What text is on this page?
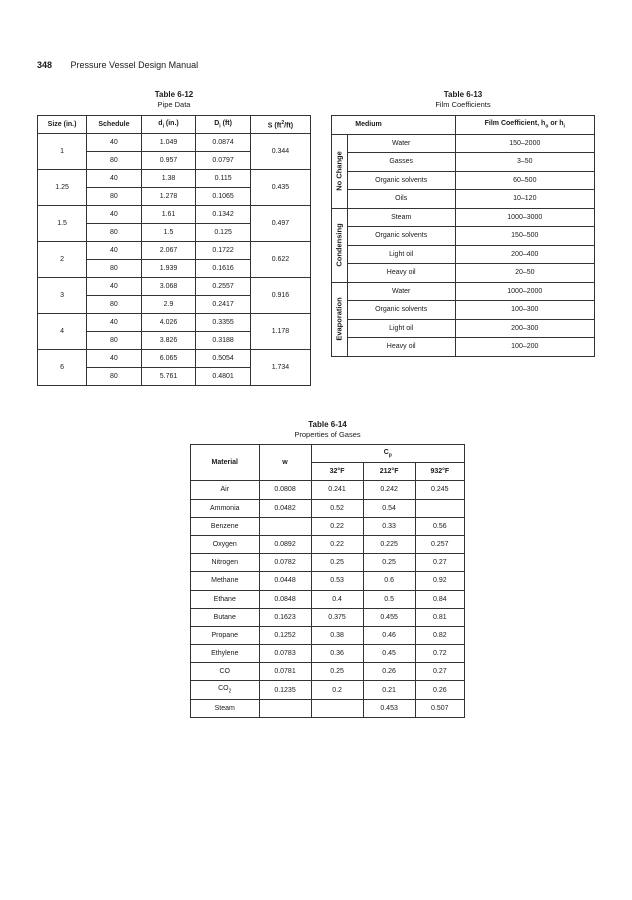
348 Pressure Vessel Design Manual
Table 6-12
Pipe Data
Size (in.)	Schedule	$d_i$ (in.)	$D_i$ (ft)	S $(ft^2/ft)$
1	40	1.049	0.0874	0.344
	80	0.957	0.0797	
1.25	40	1.38	0.115	0.435
	80	1.278	0.1065	
1.5	40	1.61	0.1342	0.497
	80	1.5	0.125	
2	40	2.067	0.1722	0.622
	80	1.939	0.1616	
3	40	3.068	0.2557	0.916
	80	2.9	0.2417	
4	40	4.026	0.3355	1.178
	80	3.826	0.3188	
6	40	6.065	0.5054	1.734
	80	5.761	0.4801	
Table 6-13
Film Coefficients
	Medium	Film Coefficient, $h_o$ or $h_i$

No Change	Water	150–2000
	Gasses	3–50
	Organic solvents	60–500
	Oils	10–120

Condensing	Steam	1000–3000
	Organic solvents	150–500
	Light oil	200–400
	Heavy oil	20–50

Evaporation	Water	1000–2000
	Organic solvents	100–300
	Light oil	200–300
	Heavy oil	100–200
Table 6-14
Properties of Gases
Material	w	$C_p$
		32°F	212°F	932°F
Air	0.0808	0.241	0.242	0.245
Ammonia	0.0482	0.52	0.54	
Benzene		0.22	0.33	0.56
Oxygen	0.0892	0.22	0.225	0.257
Nitrogen	0.0782	0.25	0.25	0.27
Methane	0.0448	0.53	0.6	0.92
Ethane	0.0848	0.4	0.5	0.84
Butane	0.1623	0.375	0.455	0.81
Propane	0.1252	0.38	0.46	0.82
Ethylene	0.0783	0.36	0.45	0.72
CO	0.0781	0.25	0.26	0.27
$CO_2$	0.1235	0.2	0.21	0.26
Steam			0.453	0.507
